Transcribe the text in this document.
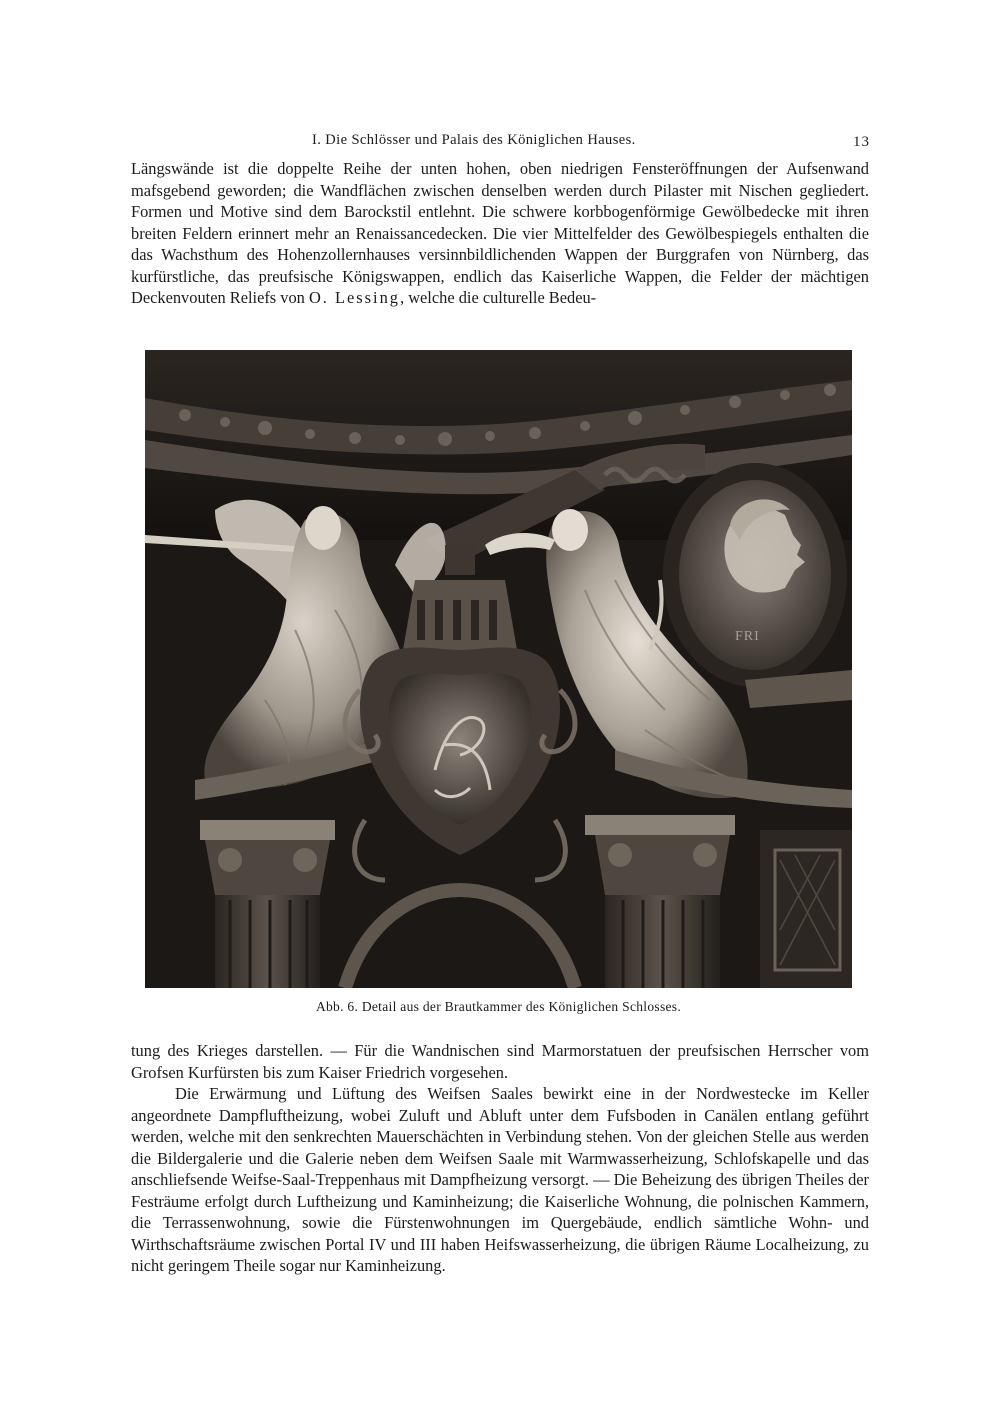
I. Die Schlösser und Palais des Königlichen Hauses.	13

Längswände ist die doppelte Reihe der unten hohen, oben niedrigen Fensteröffnungen der Aufsenwand mafsgebend geworden; die Wandflächen zwischen denselben werden durch Pilaster mit Nischen gegliedert. Formen und Motive sind dem Barockstil entlehnt. Die schwere korbbogenförmige Gewölbedecke mit ihren breiten Feldern erinnert mehr an Renaissancedecken. Die vier Mittelfelder des Gewölbespiegels enthalten die das Wachsthum des Hohenzollernhauses versinnbildlichenden Wappen der Burggrafen von Nürnberg, das kurfürstliche, das preufsische Königswappen, endlich das Kaiserliche Wappen, die Felder der mächtigen Deckenvouten Reliefs von O. Lessing, welche die culturelle Bedeu-

FRI
Abb. 6. Detail aus der Brautkammer des Königlichen Schlosses.

tung des Krieges darstellen. — Für die Wandnischen sind Marmorstatuen der preufsischen Herrscher vom Grofsen Kurfürsten bis zum Kaiser Friedrich vorgesehen.

Die Erwärmung und Lüftung des Weifsen Saales bewirkt eine in der Nordwestecke im Keller angeordnete Dampfluftheizung, wobei Zuluft und Abluft unter dem Fufsboden in Canälen entlang geführt werden, welche mit den senkrechten Mauerschächten in Verbindung stehen. Von der gleichen Stelle aus werden die Bildergalerie und die Galerie neben dem Weifsen Saale mit Warmwasserheizung, Schlofskapelle und das anschliefsende Weifse-Saal-Treppenhaus mit Dampfheizung versorgt. — Die Beheizung des übrigen Theiles der Festräume erfolgt durch Luftheizung und Kaminheizung; die Kaiserliche Wohnung, die polnischen Kammern, die Terrassenwohnung, sowie die Fürstenwohnungen im Quergebäude, endlich sämtliche Wohn- und Wirthschaftsräume zwischen Portal IV und III haben Heifswasserheizung, die übrigen Räume Localheizung, zu nicht geringem Theile sogar nur Kaminheizung.
